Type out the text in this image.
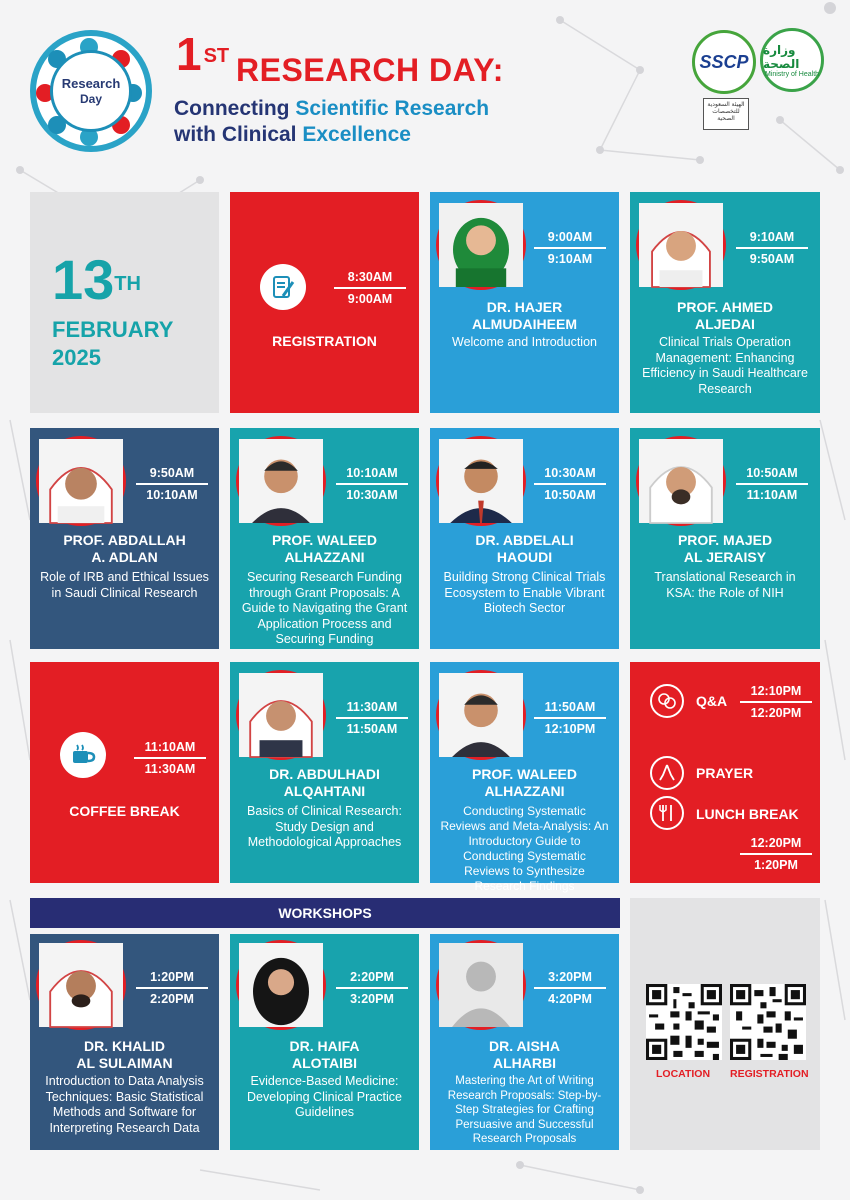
Research
Day
1 $^{ST}$ RESEARCH DAY:
Connecting Scientific Research
with Clinical Excellence
SSCP
وزارة الصحة
Ministry of Health
الهيئة السعودية للتخصصات الصحية
13TH
FEBRUARY
2025
8:30AM
9:00AM
REGISTRATION
9:00AM
9:10AM
DR. HAJER
ALMUDAIHEEM
Welcome and Introduction
9:10AM
9:50AM
PROF. AHMED
ALJEDAI
Clinical Trials Operation Management: Enhancing Efficiency in Saudi Healthcare Research
9:50AM
10:10AM
PROF. ABDALLAH
A. ADLAN
Role of IRB and Ethical Issues in Saudi Clinical Research
10:10AM
10:30AM
PROF. WALEED
ALHAZZANI
Securing Research Funding through Grant Proposals: A Guide to Navigating the Grant Application Process and Securing Funding
10:30AM
10:50AM
DR. ABDELALI
HAOUDI
Building Strong Clinical Trials Ecosystem to Enable Vibrant Biotech Sector
10:50AM
11:10AM
PROF. MAJED
AL JERAISY
Translational Research in KSA: the Role of NIH
11:10AM
11:30AM
COFFEE BREAK
11:30AM
11:50AM
DR. ABDULHADI
ALQAHTANI
Basics of Clinical Research: Study Design and Methodological Approaches
11:50AM
12:10PM
PROF. WALEED
ALHAZZANI
Conducting Systematic Reviews and Meta-Analysis: An Introductory Guide to Conducting Systematic Reviews to Synthesize Research Findings
Q&A
12:10PM
12:20PM
PRAYER
LUNCH BREAK
12:20PM
1:20PM
WORKSHOPS
1:20PM
2:20PM
DR. KHALID
AL SULAIMAN
Introduction to Data Analysis Techniques: Basic Statistical Methods and Software for Interpreting Research Data
2:20PM
3:20PM
DR. HAIFA
ALOTAIBI
Evidence-Based Medicine: Developing Clinical Practice Guidelines
3:20PM
4:20PM
DR. AISHA
ALHARBI
Mastering the Art of Writing Research Proposals: Step-by-Step Strategies for Crafting Persuasive and Successful Research Proposals
LOCATION REGISTRATION
